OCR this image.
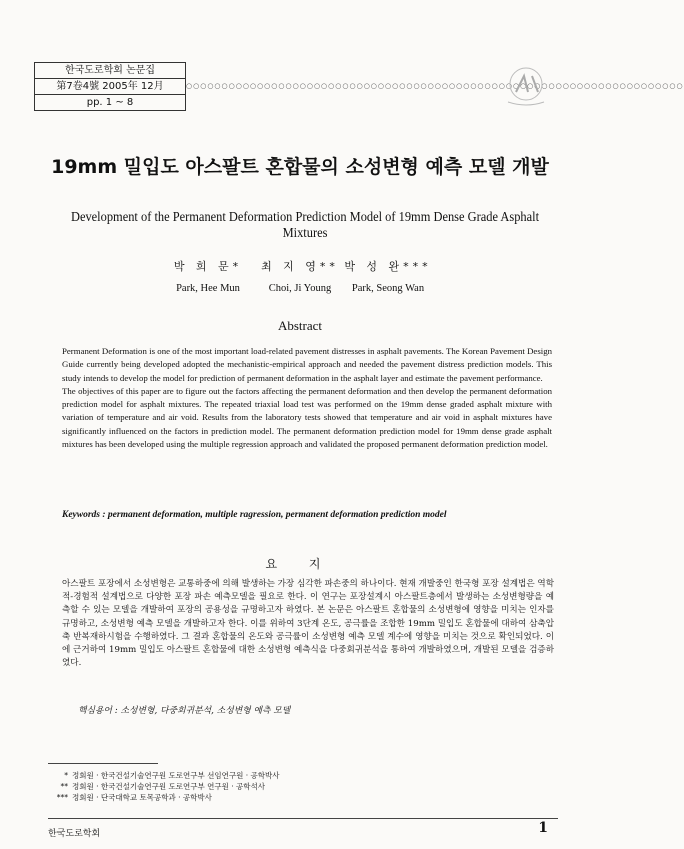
한국도로학회 논문집
第7卷4號 2005年 12月
pp. 1 ~ 8
○○○○○○○○○○○○○○○○○○○○○○○○○○○○○○○○○○○○○○○○○○○○○○○○○○○○○○○○○○○○○○○○○○○○○○
19mm 밀입도 아스팔트 혼합물의 소성변형 예측 모델 개발
Development of the Permanent Deformation Prediction Model of 19mm Dense Grade Asphalt Mixtures
박 희 문*
Park, Hee Mun
최 지 영**
Choi, Ji Young
박 성 완***
Park, Seong Wan
Abstract

Permanent Deformation is one of the most important load-related pavement distresses in asphalt pavements. The Korean Pavement Design Guide currently being developed adopted the mechanistic-empirical approach and needed the pavement distress prediction models. This study intends to develop the model for prediction of permanent deformation in the asphalt layer and estimate the pavement performance.

The objectives of this paper are to figure out the factors affecting the permanent deformation and then develop the permanent deformation prediction model for asphalt mixtures. The repeated triaxial load test was performed on the 19mm dense graded asphalt mixture with variation of temperature and air void. Results from the laboratory tests showed that temperature and air void in asphalt mixtures have significantly influenced on the factors in prediction model. The permanent deformation prediction model for 19mm dense grade asphalt mixtures has been developed using the multiple regression approach and validated the proposed permanent deformation prediction model.

Keywords : permanent deformation, multiple ragression, permanent deformation prediction model
요 지
아스팔트 포장에서 소성변형은 교통하중에 의해 발생하는 가장 심각한 파손중의 하나이다. 현재 개발중인 한국형 포장 설계법은 역학적-경험적 설계법으로 다양한 포장 파손 예측모델을 필요로 한다. 이 연구는 포장설계시 아스팔트층에서 발생하는 소성변형량을 예측할 수 있는 모델을 개발하여 포장의 공용성을 규명하고자 하였다. 본 논문은 아스팔트 혼합물의 소성변형에 영향을 미치는 인자를 규명하고, 소성변형 예측 모델을 개발하고자 한다. 이를 위하여 3단계 온도, 공극률을 조합한 19mm 밀입도 혼합물에 대하여 삼축압축 반복재하시험을 수행하였다. 그 결과 혼합물의 온도와 공극률이 소성변형 예측 모델 계수에 영향을 미치는 것으로 확인되었다. 이에 근거하여 19mm 밀입도 아스팔트 혼합물에 대한 소성변형 예측식을 다중회귀분석을 통하여 개발하였으며, 개발된 모델을 검증하였다.
핵심용어 : 소성변형, 다중회귀분석, 소성변형 예측 모델
* 정회원 · 한국건설기술연구원 도로연구부 선임연구원 · 공학박사
** 정회원 · 한국건설기술연구원 도로연구부 연구원 · 공학석사
*** 정회원 · 단국대학교 토목공학과 · 공학박사
한국도로학회	1
